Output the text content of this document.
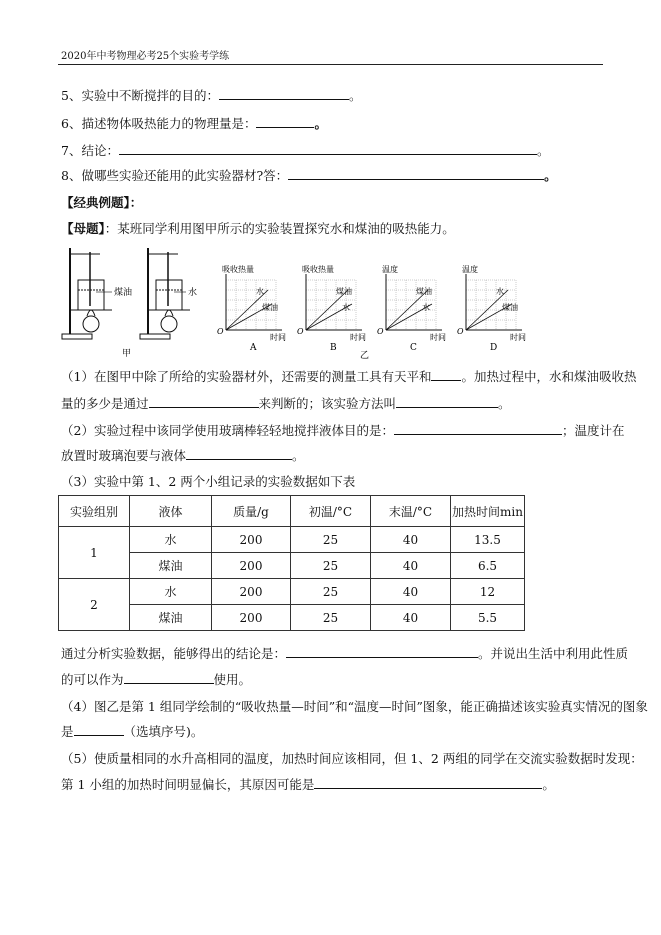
2020年中考物理必考25个实验考学练
5、实验中不断搅拌的目的：	。
6、描述物体吸热能力的物理量是：	。
7、结论：	。
8、做哪些实验还能用的此实验器材?答：	。
【经典例题】：
【母题】：某班同学利用图甲所示的实验装置探究水和煤油的吸热能力。
煤油	水
甲
吸收热量
时间
O
A
水
煤油
吸收热量
时间
O
B
煤油
水
温度
时间
O
C
煤油
水
温度
时间
O
D
水
煤油
乙
（1）在图甲中除了所给的实验器材外，还需要的测量工具有天平和 。加热过程中，水和煤油吸收热
量的多少是通过	来判断的；该实验方法叫	。
（2）实验过程中该同学使用玻璃棒轻轻地搅拌液体目的是：	；温度计在
放置时玻璃泡要与液体	。
（3）实验中第 1、2 两个小组记录的实验数据如下表
实验组别	液体	质量/g	初温/°C	末温/°C	加热时间min
1	水	200	25	40	13.5
	煤油	200	25	40	6.5
2	水	200	25	40	12
	煤油	200	25	40	5.5
通过分析实验数据，能够得出的结论是：	。并说出生活中利用此性质
的可以作为	使用。
（4）图乙是第 1 组同学绘制的“吸收热量—时间”和“温度—时间”图象，能正确描述该实验真实情况的图象
是	（选填序号)。
（5）使质量相同的水升高相同的温度，加热时间应该相同，但 1、2 两组的同学在交流实验数据时发现：
第 1 小组的加热时间明显偏长，其原因可能是	。
